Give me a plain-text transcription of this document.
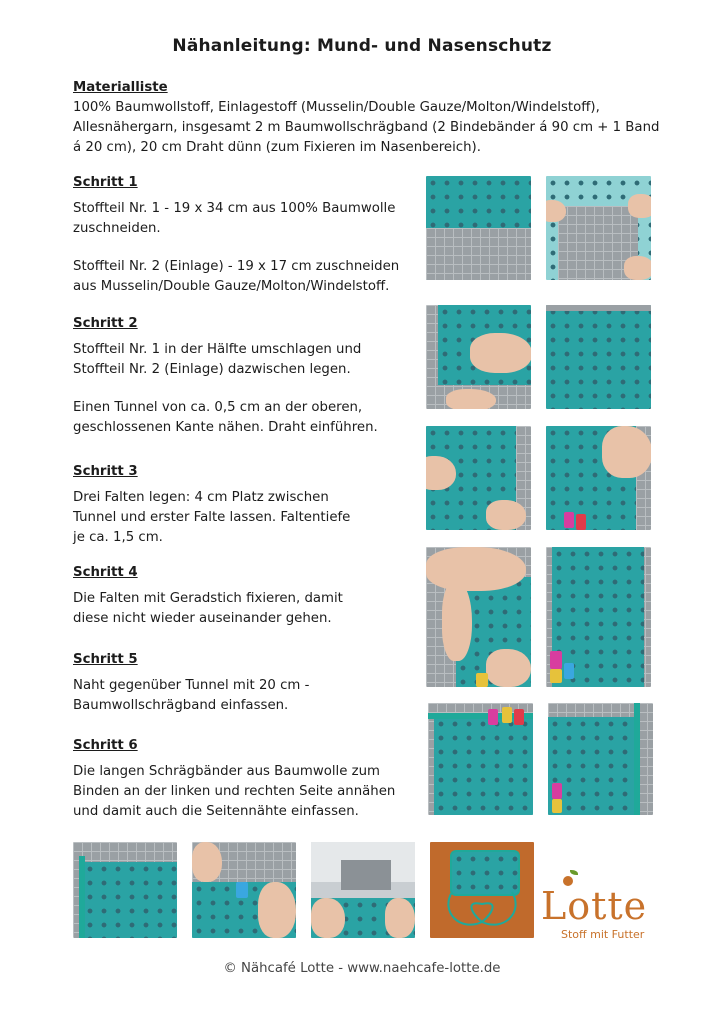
Nähanleitung: Mund- und Nasenschutz
Materialliste
100% Baumwollstoff, Einlagestoff (Musselin/Double Gauze/Molton/Windelstoff),
Allesnähergarn, insgesamt 2 m Baumwollschrägband (2 Bindebänder á 90 cm + 1 Band
á 20 cm), 20 cm Draht dünn (zum Fixieren im Nasenbereich).
Schritt 1
Stoffteil Nr. 1 - 19 x 34 cm aus 100% Baumwolle
zuschneiden.
Stoffteil Nr. 2 (Einlage) - 19 x 17 cm zuschneiden
aus Musselin/Double Gauze/Molton/Windelstoff.
Schritt 2
Stoffteil Nr. 1 in der Hälfte umschlagen und
Stoffteil Nr. 2 (Einlage) dazwischen legen.
Einen Tunnel von ca. 0,5 cm an der oberen,
geschlossenen Kante nähen. Draht einführen.
Schritt 3
Drei Falten legen: 4 cm Platz zwischen
Tunnel und erster Falte lassen. Faltentiefe
je ca. 1,5 cm.
Schritt 4
Die Falten mit Geradstich fixieren, damit
diese nicht wieder auseinander gehen.
Schritt 5
Naht gegenüber Tunnel mit 20 cm -
Baumwollschrägband einfassen.
Schritt 6
Die langen Schrägbänder aus Baumwolle zum
Binden an der linken und rechten Seite annähen
und damit auch die Seitennähte einfassen.
Lotte
Stoff mit Futter
© Nähcafé Lotte - www.naehcafe-lotte.de
